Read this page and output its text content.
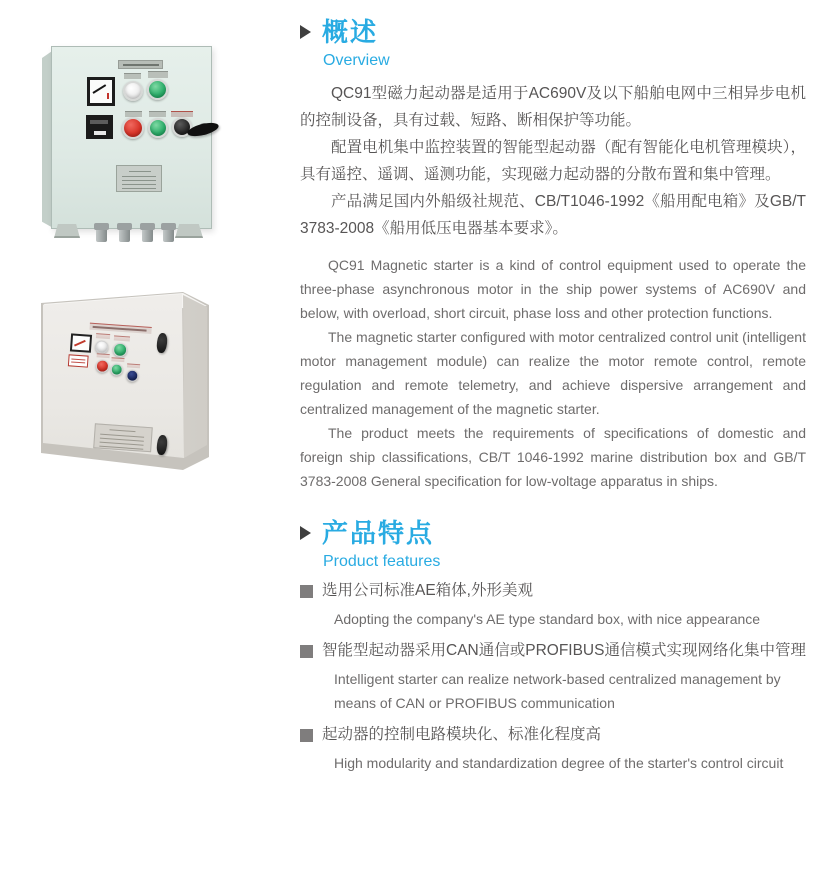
概述
Overview

QC91型磁力起动器是适用于AC690V及以下船舶电网中三相异步电机的控制设备，具有过载、短路、断相保护等功能。

配置电机集中监控装置的智能型起动器（配有智能化电机管理模块），具有遥控、遥调、遥测功能，实现磁力起动器的分散布置和集中管理。

产品满足国内外船级社规范、CB/T1046-1992《船用配电箱》及GB/T 3783-2008《船用低压电器基本要求》。

QC91 Magnetic starter is a kind of control equipment used to operate the three-phase asynchronous motor in the ship power systems of AC690V and below, with overload, short circuit, phase loss and other protection functions.

The magnetic starter configured with motor centralized control unit (intelligent motor management module) can realize the motor remote control, remote regulation and remote telemetry, and achieve dispersive arrangement and centralized management of the magnetic starter.

The product meets the requirements of specifications of domestic and foreign ship classifications, CB/T 1046-1992 marine distribution box and GB/T 3783-2008 General specification for low-voltage apparatus in ships.

产品特点
Product features
选用公司标准AE箱体,外形美观
Adopting the company's AE type standard box, with nice appearance
智能型起动器采用CAN通信或PROFIBUS通信模式实现网络化集中管理
Intelligent starter can realize network-based centralized management by means of CAN or PROFIBUS communication
起动器的控制电路模块化、标准化程度高
High modularity and standardization degree of the starter's control circuit
